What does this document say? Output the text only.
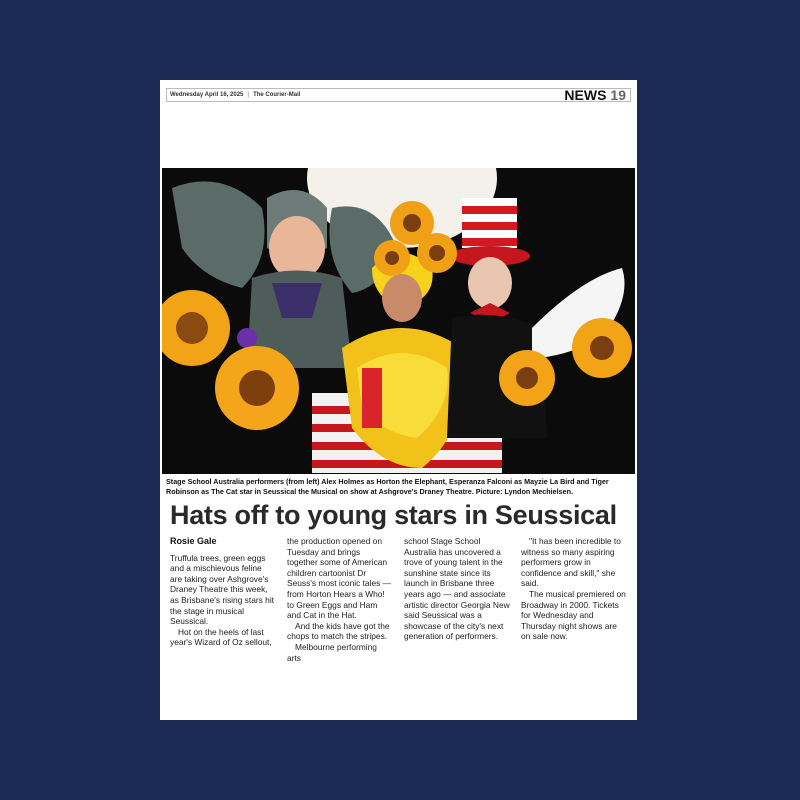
Wednesday April 16, 2025 | The Courier-Mail	NEWS 19
Stage School Australia performers (from left) Alex Holmes as Horton the Elephant, Esperanza Falconi as Mayzie La Bird and Tiger Robinson as The Cat star in Seussical the Musical on show at Ashgrove's Draney Theatre. Picture: Lyndon Mechielsen.
Hats off to young stars in Seussical
Rosie Gale

Truffula trees, green eggs and a mischievous feline are taking over Ashgrove's Draney Theatre this week, as Brisbane's rising stars hit the stage in musical Seussical.

Hot on the heels of last year's Wizard of Oz sellout,

the production opened on Tuesday and brings together some of American children cartoonist Dr Seuss's most iconic tales — from Horton Hears a Who! to Green Eggs and Ham and Cat in the Hat.

And the kids have got the chops to match the stripes.

Melbourne performing arts

school Stage School Australia has uncovered a trove of young talent in the sunshine state since its launch in Brisbane three years ago — and associate artistic director Georgia New said Seussical was a showcase of the city's next generation of performers.

"It has been incredible to witness so many aspiring performers grow in confidence and skill," she said.

The musical premiered on Broadway in 2000. Tickets for Wednesday and Thursday night shows are on sale now.
